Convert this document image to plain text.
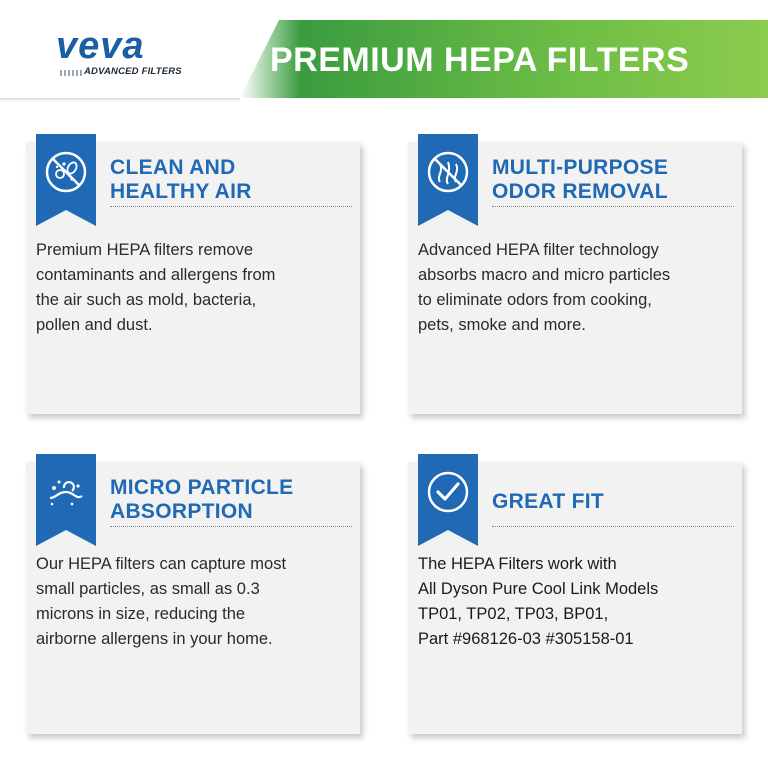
veva
ADVANCED FILTERS	PREMIUM HEPA FILTERS
CLEAN AND
HEALTHY AIR
Premium HEPA filters remove
contaminants and allergens from
the air such as mold, bacteria,
pollen and dust.
MULTI-PURPOSE
ODOR REMOVAL
Advanced HEPA filter technology
absorbs macro and micro particles
to eliminate odors from cooking,
pets, smoke and more.
MICRO PARTICLE
ABSORPTION
Our HEPA filters can capture most
small particles, as small as 0.3
microns in size, reducing the
airborne allergens in your home.
GREAT FIT
The HEPA Filters work with
All Dyson Pure Cool Link Models
TP01, TP02, TP03, BP01,
Part #968126-03 #305158-01
